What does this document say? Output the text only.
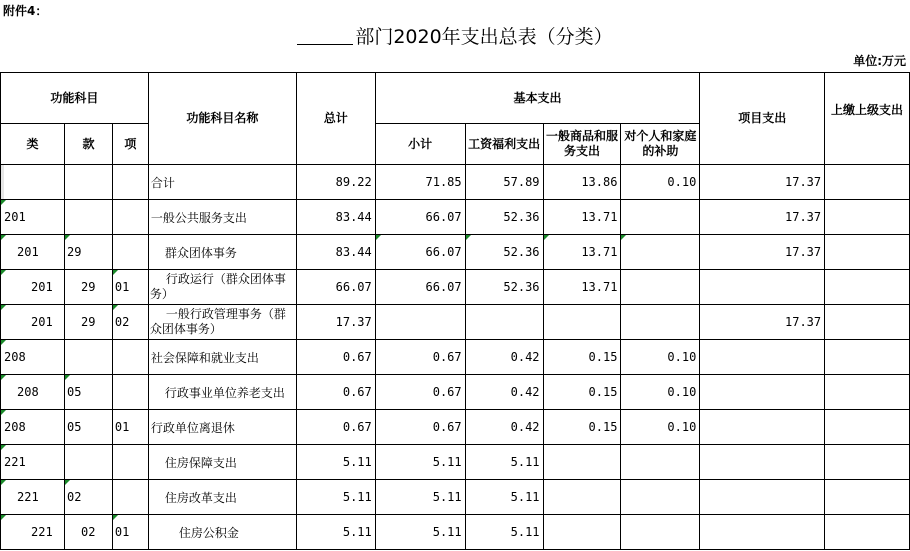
附件4：
部门2020年支出总表（分类）
单位:万元
功能科目			功能科目名称	总计	基本支出				项目支出	上缴上级支出
类	款	项			小计	工资福利支出	一般商品和服务支出	对个人和家庭的补助		

			合计	89.22	71.85	57.89	13.86	0.10	17.37	
201			一般公共服务支出	83.44	66.07	52.36	13.71		17.37	
201	29		群众团体事务	83.44	66.07	52.36	13.71		17.37	
201	29	01	行政运行（群众团体事务）	66.07	66.07	52.36	13.71			
201	29	02	一般行政管理事务（群众团体事务）	17.37					17.37	
208			社会保障和就业支出	0.67	0.67	0.42	0.15	0.10		
208	05		行政事业单位养老支出	0.67	0.67	0.42	0.15	0.10		
208	05	01	行政单位离退休	0.67	0.67	0.42	0.15	0.10		
221			住房保障支出	5.11	5.11	5.11				
221	02		住房改革支出	5.11	5.11	5.11				
221	02	01	住房公积金	5.11	5.11	5.11				
